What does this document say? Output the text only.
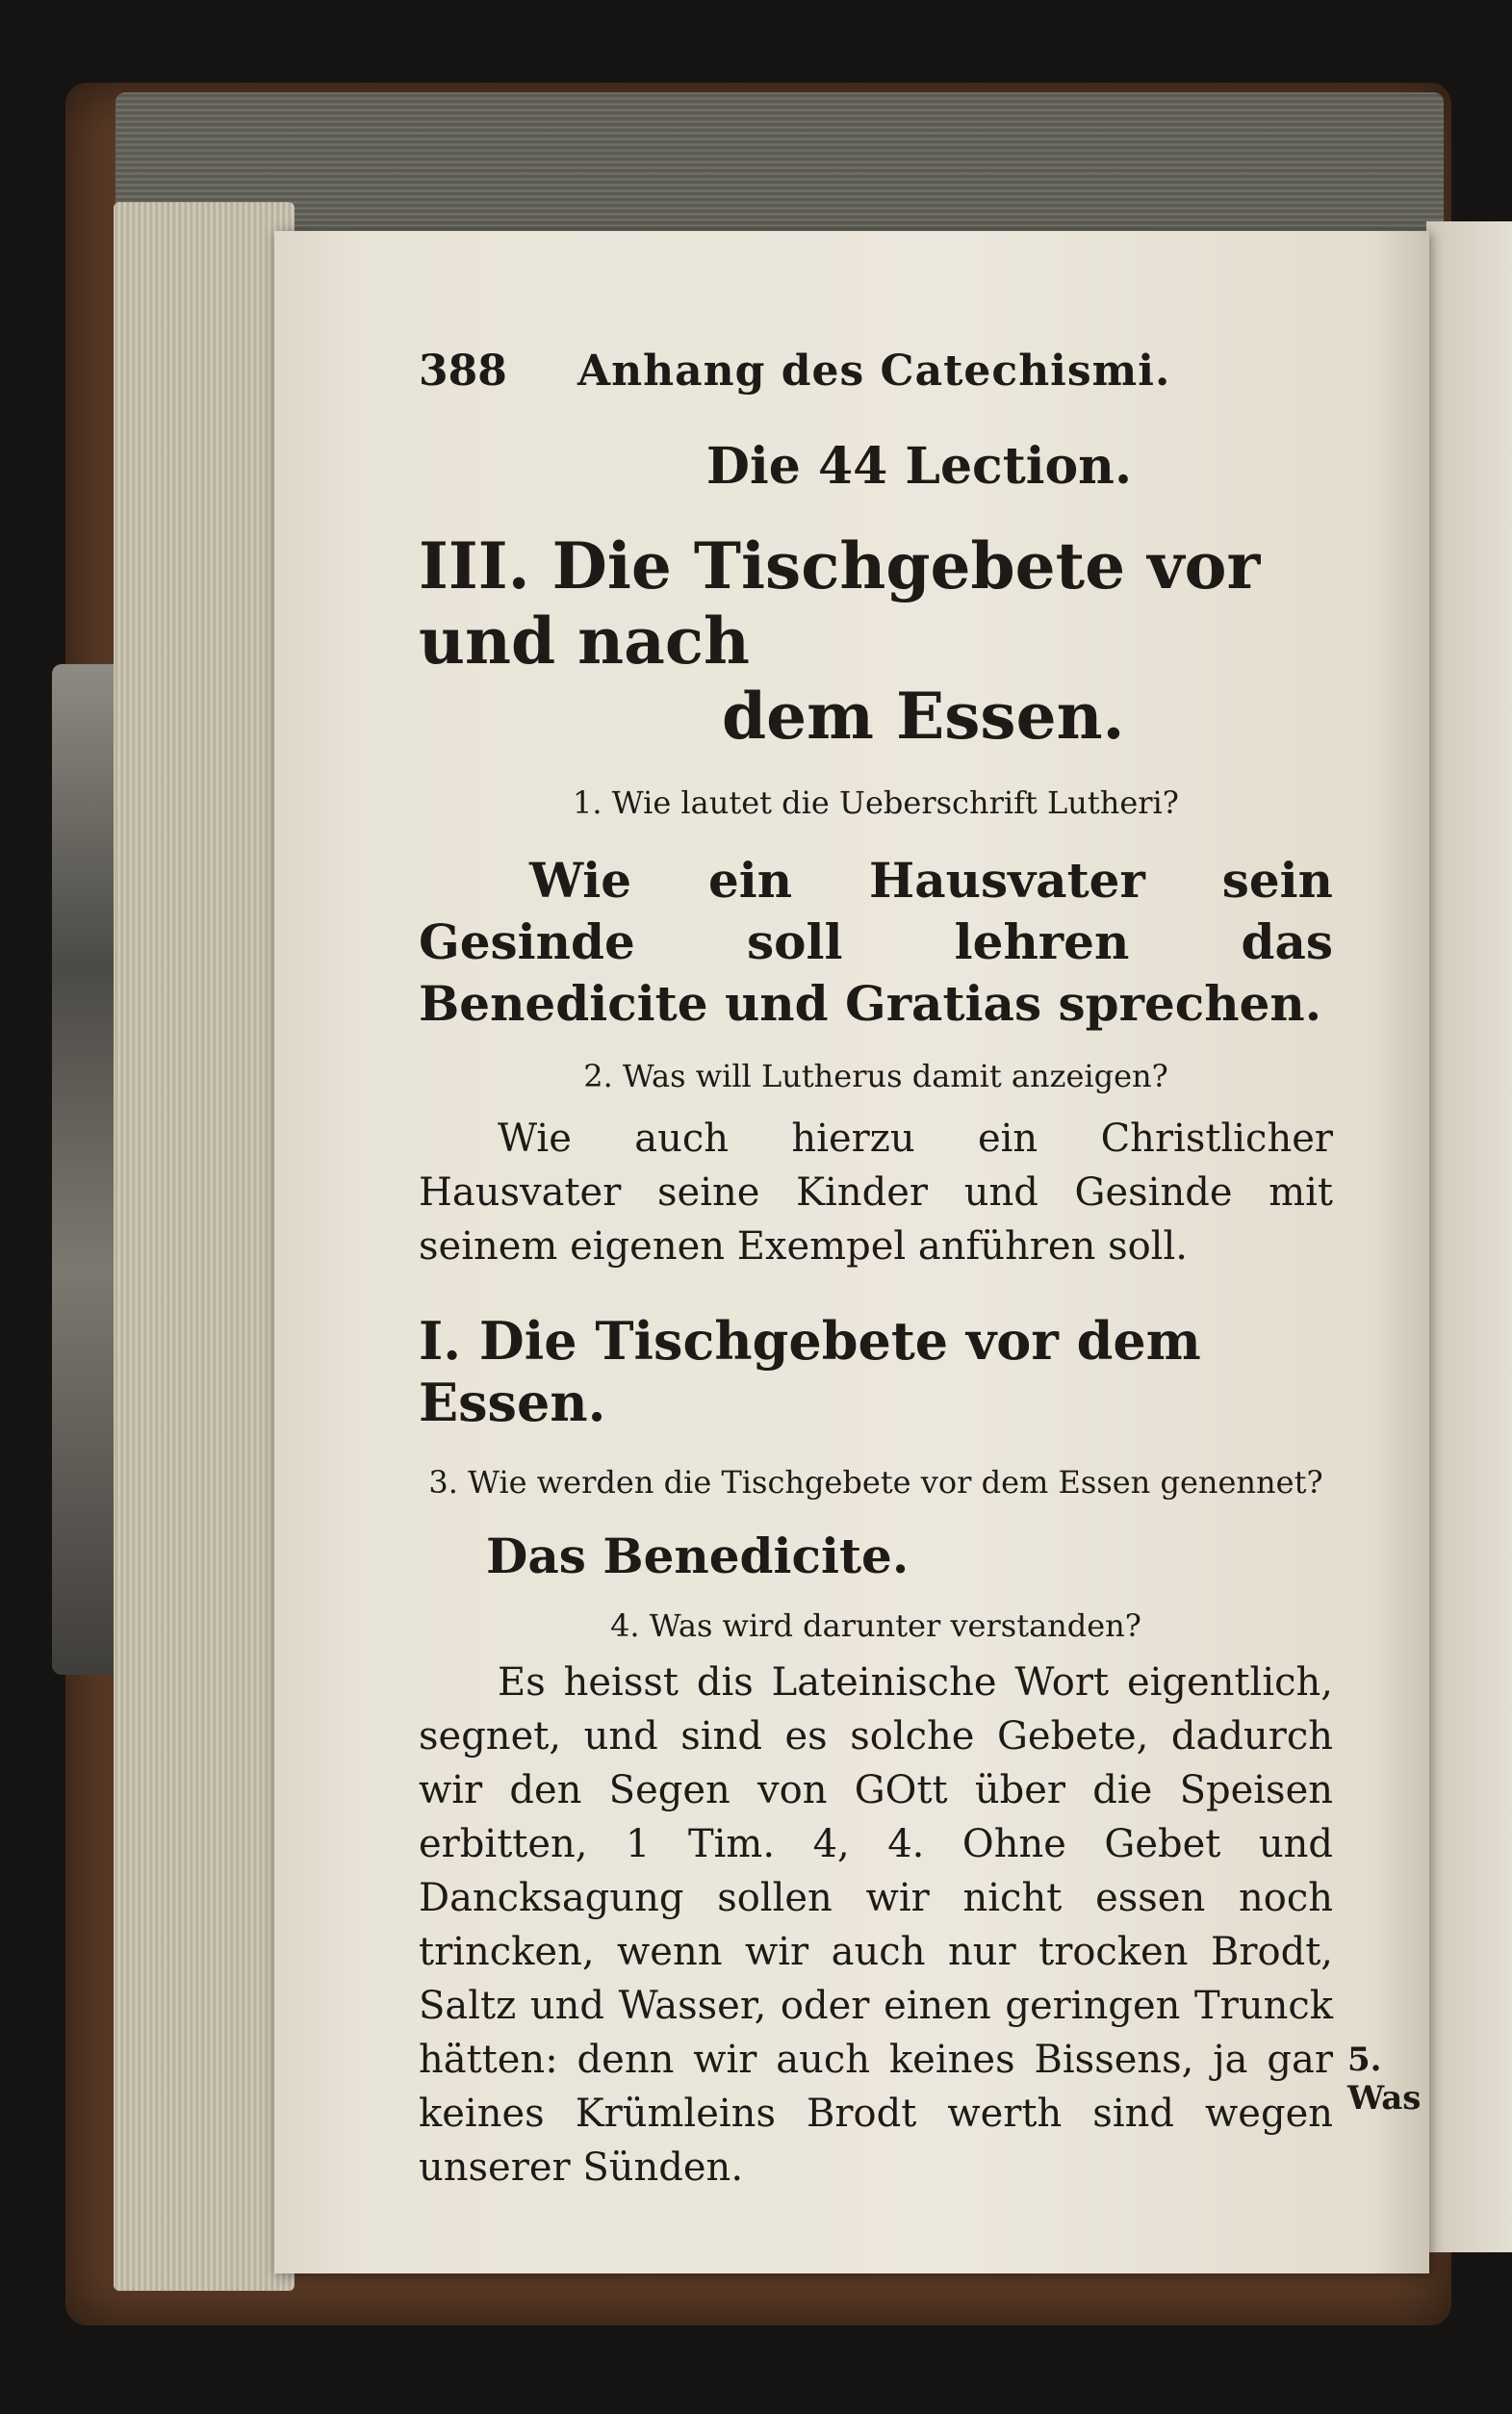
388	Anhang des Catechismi.
Die 44 Lection.
III. Die Tischgebete vor und nach
dem Essen.
1. Wie lautet die Ueberschrift Lutheri?
Wie ein Hausvater sein Gesinde soll lehren das Benedicite und Gratias sprechen.
2. Was will Lutherus damit anzeigen?
Wie auch hierzu ein Christlicher Hausvater seine Kinder und Gesinde mit seinem eigenen Exempel anführen soll.
I. Die Tischgebete vor dem Essen.
3. Wie werden die Tischgebete vor dem Essen genennet?
Das Benedicite.
4. Was wird darunter verstanden?
Es heisst dis Lateinische Wort eigentlich, segnet, und sind es solche Gebete, dadurch wir den Segen von GOtt über die Speisen erbitten, 1 Tim. 4, 4. Ohne Gebet und Dancksagung sollen wir nicht essen noch trincken, wenn wir auch nur trocken Brodt, Saltz und Wasser, oder einen geringen Trunck hätten: denn wir auch keines Bissens, ja gar keines Krümleins Brodt werth sind wegen unserer Sünden.
5. Was
